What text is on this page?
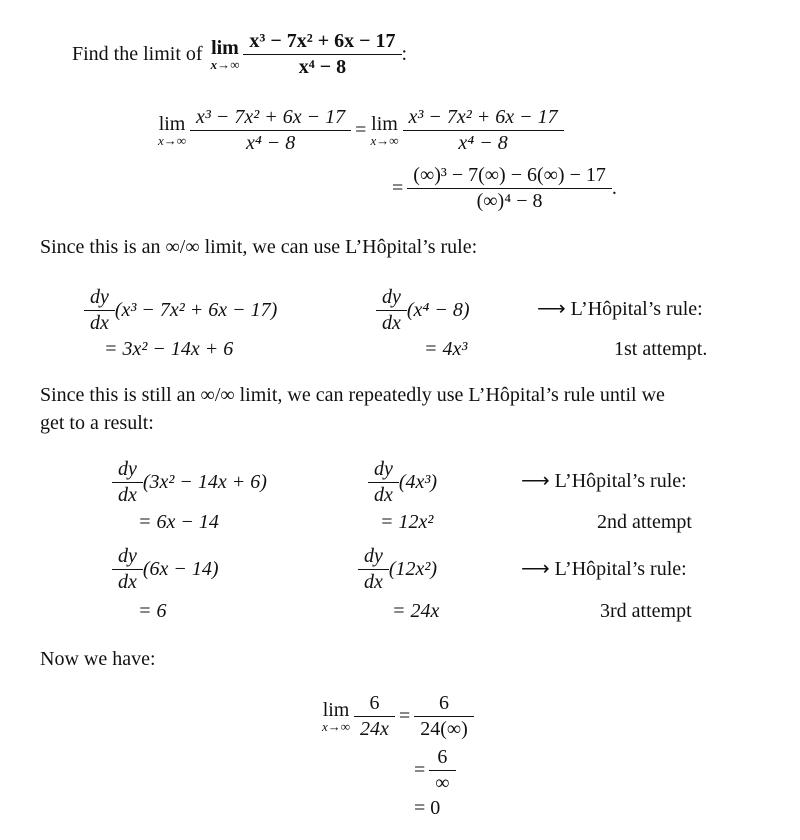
Find the limit of lim
$x\to\infty \frac{\text{x³ − 7x² + 6x − 17}}{\text{x⁴ − 8}}$ :
lim
$x\to\infty \frac{\text{x³ − 7x² + 6x − 17}}{\text{x⁴ − 8}} = \lim$
$x\to\infty \frac{\text{x³ − 7x² + 6x − 17}}{\text{x⁴ − 8}}$
= $\frac{\text{(∞)³ − 7(∞) − 6(∞) − 17}}{\text{(∞)⁴ − 8}}$ .
Since this is an ∞/∞ limit, we can use L’Hôpital’s rule:
$\frac{dy}{dx} (x^3 - 7x^2 + 6x - 17)$	$\frac{dy}{dx} (x^4 - 8)$	⟶ L’Hôpital’s rule:
= 3x² − 14x + 6	= 4x³	1st attempt.
Since this is still an ∞/∞ limit, we can repeatedly use L’Hôpital’s rule until we
get to a result:
$\frac{dy}{dx} (3x^2 - 14x + 6)$	$\frac{dy}{dx} (4x^3)$	⟶ L’Hôpital’s rule:
= 6x − 14	= 12x²	2nd attempt
$\frac{dy}{dx} (6x - 14)$	$\frac{dy}{dx} (12x^2)$	⟶ L’Hôpital’s rule:
= 6	= 24x	3rd attempt
Now we have:
lim
$x\to\infty \frac{6}{24x} = \frac{6}{24(\infty)}$
= $\frac{6}{\infty}$
= 0
